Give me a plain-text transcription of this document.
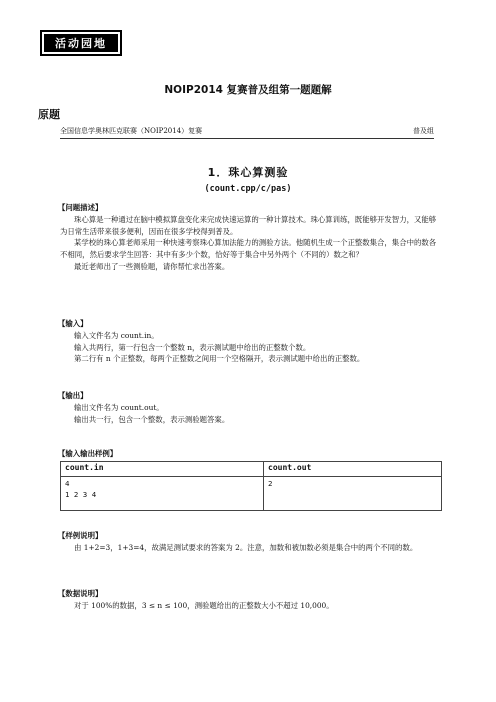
活动园地
NOIP2014 复赛普及组第一题题解
原题
全国信息学奥林匹克联赛（NOIP2014）复赛	普及组
1．珠心算测验
(count.cpp/c/pas)
【问题描述】

珠心算是一种通过在脑中模拟算盘变化来完成快速运算的一种计算技术。珠心算训练，既能够开发智力，又能够为日常生活带来很多便利，因而在很多学校得到普及。

某学校的珠心算老师采用一种快速考察珠心算加法能力的测验方法。他随机生成一个正整数集合，集合中的数各不相同，然后要求学生回答：其中有多少个数，恰好等于集合中另外两个（不同的）数之和？

最近老师出了一些测验题，请你帮忙求出答案。

【输入】

输入文件名为 count.in。

输入共两行，第一行包含一个整数 n，表示测试题中给出的正整数个数。

第二行有 n 个正整数，每两个正整数之间用一个空格隔开，表示测试题中给出的正整数。

【输出】

输出文件名为 count.out。

输出共一行，包含一个整数，表示测验题答案。

【输入输出样例】
count.in	count.out

4
1 2 3 4	2
【样例说明】

由 1+2=3，1+3=4，故满足测试要求的答案为 2。注意，加数和被加数必须是集合中的两个不同的数。

【数据说明】

对于 100%的数据，3 ≤ n ≤ 100，测验题给出的正整数大小不超过 10,000。
